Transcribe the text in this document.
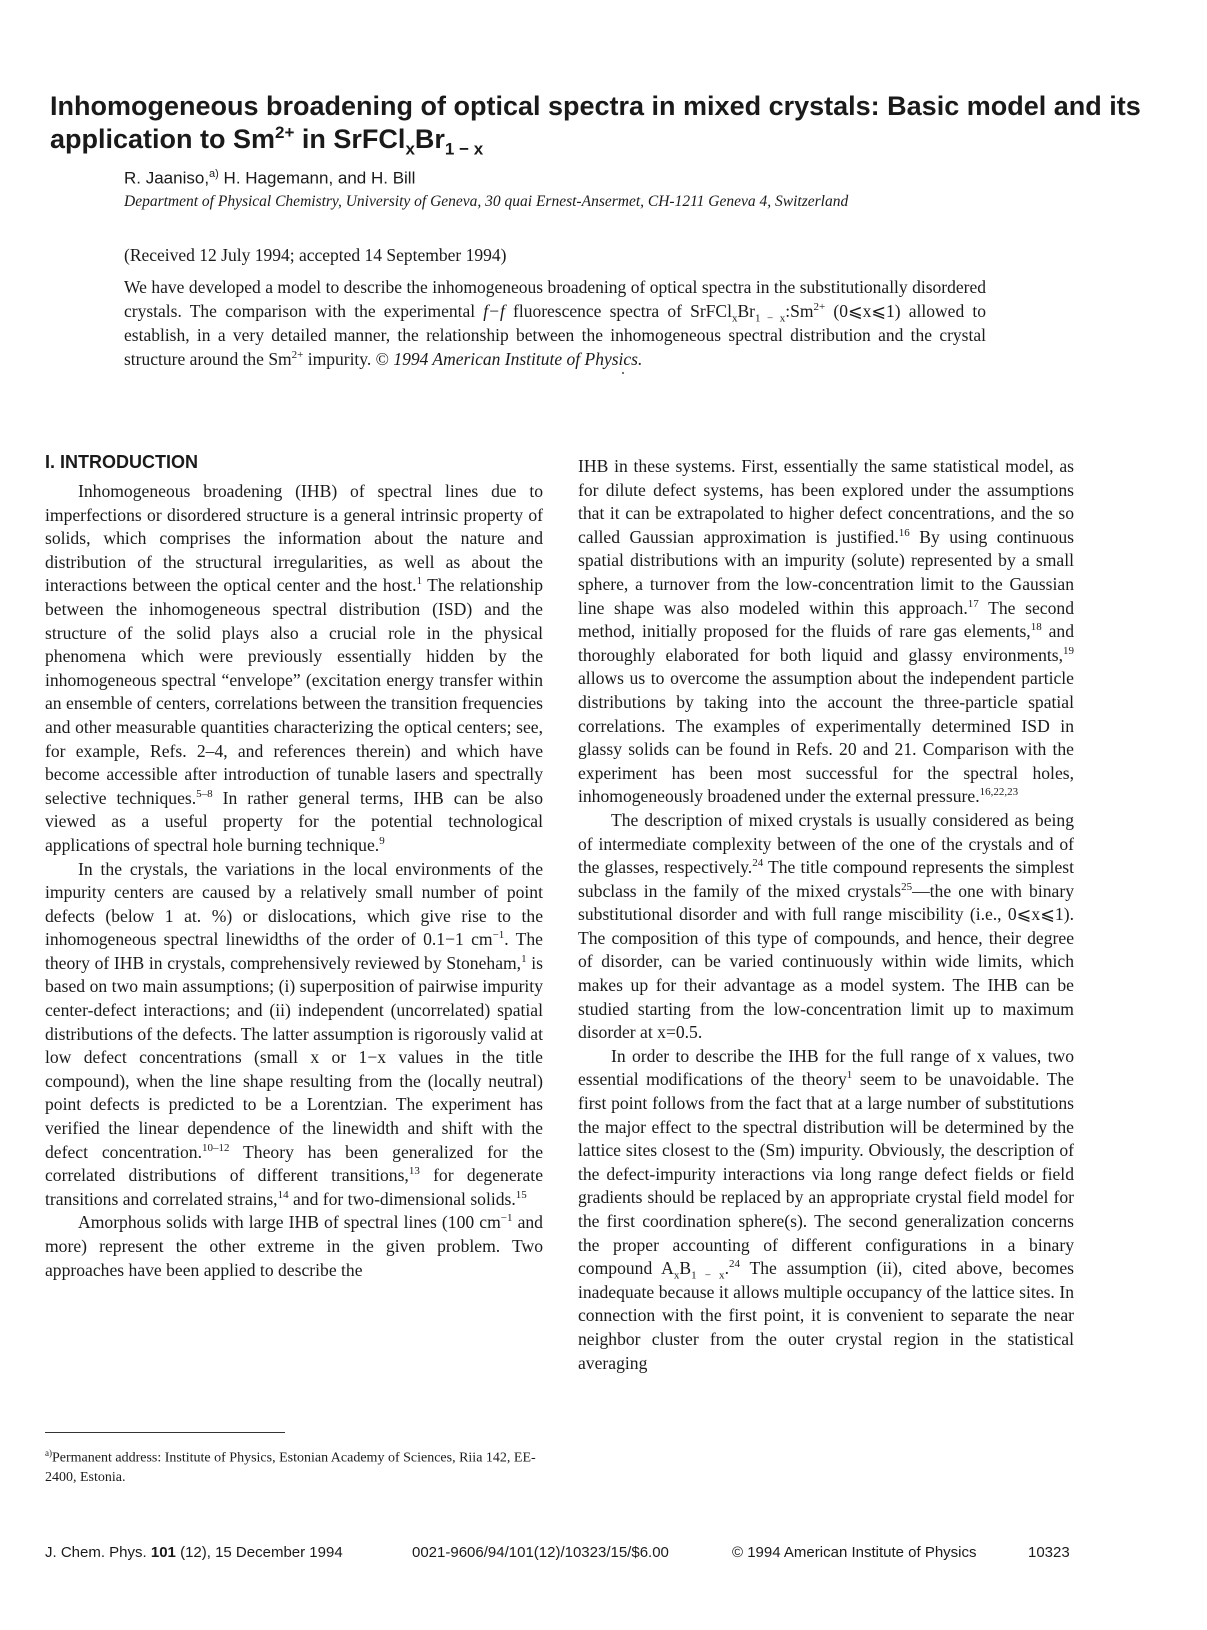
Inhomogeneous broadening of optical spectra in mixed crystals: Basic model and its application to $Sm^{2+}$ in $SrFCl_xBr_{1 - x}$
R. Jaaniso,$^{a)}$ H. Hagemann, and H. Bill
Department of Physical Chemistry, University of Geneva, 30 quai Ernest-Ansermet, CH-1211 Geneva 4, Switzerland
(Received 12 July 1994; accepted 14 September 1994)

We have developed a model to describe the inhomogeneous broadening of optical spectra in the substitutionally disordered crystals. The comparison with the experimental f−f fluorescence spectra of $SrFCl_xBr_{1 - x}:Sm^{2+}$ (0⩽x⩽1) allowed to establish, in a very detailed manner, the relationship between the inhomogeneous spectral distribution and the crystal structure around the $Sm^{2+}$ impurity. © 1994 American Institute of Physics.

I. INTRODUCTION

Inhomogeneous broadening (IHB) of spectral lines due to imperfections or disordered structure is a general intrinsic property of solids, which comprises the information about the nature and distribution of the structural irregularities, as well as about the interactions between the optical center and the host.$^1$ The relationship between the inhomogeneous spectral distribution (ISD) and the structure of the solid plays also a crucial role in the physical phenomena which were previously essentially hidden by the inhomogeneous spectral “envelope” (excitation energy transfer within an ensemble of centers, correlations between the transition frequencies and other measurable quantities characterizing the optical centers; see, for example, Refs. 2–4, and references therein) and which have become accessible after introduction of tunable lasers and spectrally selective techniques.$^{5-8}$ In rather general terms, IHB can be also viewed as a useful property for the potential technological applications of spectral hole burning technique.$^9$

In the crystals, the variations in the local environments of the impurity centers are caused by a relatively small number of point defects (below 1 at. %) or dislocations, which give rise to the inhomogeneous spectral linewidths of the order of 0.1−1 $cm^{-1}$. The theory of IHB in crystals, comprehensively reviewed by Stoneham,$^1$ is based on two main assumptions; (i) superposition of pairwise impurity center-defect interactions; and (ii) independent (uncorrelated) spatial distributions of the defects. The latter assumption is rigorously valid at low defect concentrations (small x or 1−x values in the title compound), when the line shape resulting from the (locally neutral) point defects is predicted to be a Lorentzian. The experiment has verified the linear dependence of the linewidth and shift with the defect concentration.$^{10-12}$ Theory has been generalized for the correlated distributions of different transitions,$^{13}$ for degenerate transitions and correlated strains,$^{14}$ and for two-dimensional solids.$^{15}$

Amorphous solids with large IHB of spectral lines (100 $cm^{-1}$ and more) represent the other extreme in the given problem. Two approaches have been applied to describe the

IHB in these systems. First, essentially the same statistical model, as for dilute defect systems, has been explored under the assumptions that it can be extrapolated to higher defect concentrations, and the so called Gaussian approximation is justified.$^{16}$ By using continuous spatial distributions with an impurity (solute) represented by a small sphere, a turnover from the low-concentration limit to the Gaussian line shape was also modeled within this approach.$^{17}$ The second method, initially proposed for the fluids of rare gas elements,$^{18}$ and thoroughly elaborated for both liquid and glassy environments,$^{19}$ allows us to overcome the assumption about the independent particle distributions by taking into the account the three-particle spatial correlations. The examples of experimentally determined ISD in glassy solids can be found in Refs. 20 and 21. Comparison with the experiment has been most successful for the spectral holes, inhomogeneously broadened under the external pressure.$^{16,22,23}$

The description of mixed crystals is usually considered as being of intermediate complexity between of the one of the crystals and of the glasses, respectively.$^{24}$ The title compound represents the simplest subclass in the family of the mixed crystals$^{25}$—the one with binary substitutional disorder and with full range miscibility (i.e., 0⩽x⩽1). The composition of this type of compounds, and hence, their degree of disorder, can be varied continuously within wide limits, which makes up for their advantage as a model system. The IHB can be studied starting from the low-concentration limit up to maximum disorder at x=0.5.

In order to describe the IHB for the full range of x values, two essential modifications of the theory$^1$ seem to be unavoidable. The first point follows from the fact that at a large number of substitutions the major effect to the spectral distribution will be determined by the lattice sites closest to the (Sm) impurity. Obviously, the description of the defect-impurity interactions via long range defect fields or field gradients should be replaced by an appropriate crystal field model for the first coordination sphere(s). The second generalization concerns the proper accounting of different configurations in a binary compound $A_xB_{1 - x}.^{24}$ The assumption (ii), cited above, becomes inadequate because it allows multiple occupancy of the lattice sites. In connection with the first point, it is convenient to separate the near neighbor cluster from the outer crystal region in the statistical averaging

$^{a)}$Permanent address: Institute of Physics, Estonian Academy of Sciences, Riia 142, EE-2400, Estonia.
J. Chem. Phys. 101 (12), 15 December 1994	0021-9606/94/101(12)/10323/15/$6.00	© 1994 American Institute of Physics	10323
